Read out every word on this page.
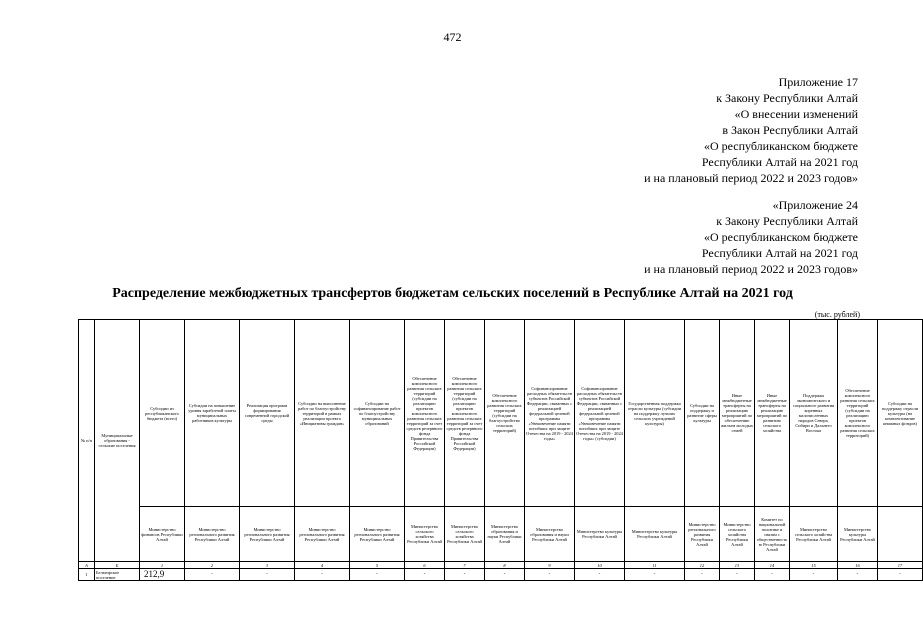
472
Приложение 17
к Закону Республики Алтай
«О внесении изменений
в Закон Республики Алтай
«О республиканском бюджете
Республики Алтай на 2021 год
и на плановый период 2022 и 2023 годов»
«Приложение 24
к Закону Республики Алтай
«О республиканском бюджете
Республики Алтай на 2021 год
и на плановый период 2022 и 2023 годов»
Распределение межбюджетных трансфертов бюджетам сельских поселений в Республике Алтай на 2021 год
(тыс. рублей)
№ п/п	Муниципальные образования - сельские поселения	Субсидии из республиканского бюджета (всего)	Субсидии на повышение уровня заработной платы муниципальных работников культуры	Реализация программ формирования современной городской среды	Субсидии на выполнение работ по благоустройству территорий в рамках реализации проекта «Инициативы граждан»	Субсидии на софинансирование работ по благоустройству муниципальных образований	Обеспечение комплексного развития сельских территорий (субсидии на реализацию проектов комплексного развития сельских территорий за счет средств резервного фонда Правительства Российской Федерации)	Обеспечение комплексного развития сельских территорий (субсидии на реализацию проектов комплексного развития сельских территорий за счет средств резервного фонда Правительства Российской Федерации)	Обеспечение комплексного развития сельских территорий (субсидии на благоустройство сельских территорий)	Софинансирование расходных обязательств субъектов Российской Федерации, связанных с реализацией федеральной целевой программы «Увековечение памяти погибших при защите Отечества на 2019 - 2024 годы»	Софинансирование расходных обязательств субъектов Российской Федерации, связанных с реализацией федеральной целевой программы «Увековечение памяти погибших при защите Отечества на 2019 - 2024 годы» (субсидии)	Государственная поддержка отрасли культуры (субсидии на поддержку лучших сельских учреждений культуры)	Субсидии на поддержку и развитие сферы культуры	Иные межбюджетные трансферты на реализацию мероприятий по обеспечению жильем молодых семей	Иные межбюджетные трансферты на реализацию мероприятий по развитию сельского хозяйства	Поддержка экономического и социального развития коренных малочисленных народов Севера, Сибири и Дальнего Востока	Обеспечение комплексного развития сельских территорий (субсидии на реализацию проектов комплексного развития сельских территорий)	Субсидии на поддержку отрасли культуры (на комплектование книжных фондов)
		Министерство финансов Республики Алтай	Министерство регионального развития Республики Алтай	Министерство регионального развития Республики Алтай	Министерство регионального развития Республики Алтай	Министерство регионального развития Республики Алтай	Министерство сельского хозяйства Республики Алтай	Министерство сельского хозяйства Республики Алтай	Министерство образования и науки Республики Алтай	Министерство образования и науки Республики Алтай	Министерство культуры Республики Алтай	Министерство культуры Республики Алтай	Министерство регионального развития Республики Алтай	Министерство сельского хозяйства Республики Алтай	Комитет по национальной политике и связям с общественностью Республики Алтай	Министерство сельского хозяйства Республики Алтай	Министерство культуры Республики Алтай	
А	Б	1	2	3	4	5	6	7	8	9	10	11	12	13	14	15	16	17
1	Бельтирское поселение	212,9	-	-	-	-	-	-	-	-	-	-	-	-	-	-	-	-
